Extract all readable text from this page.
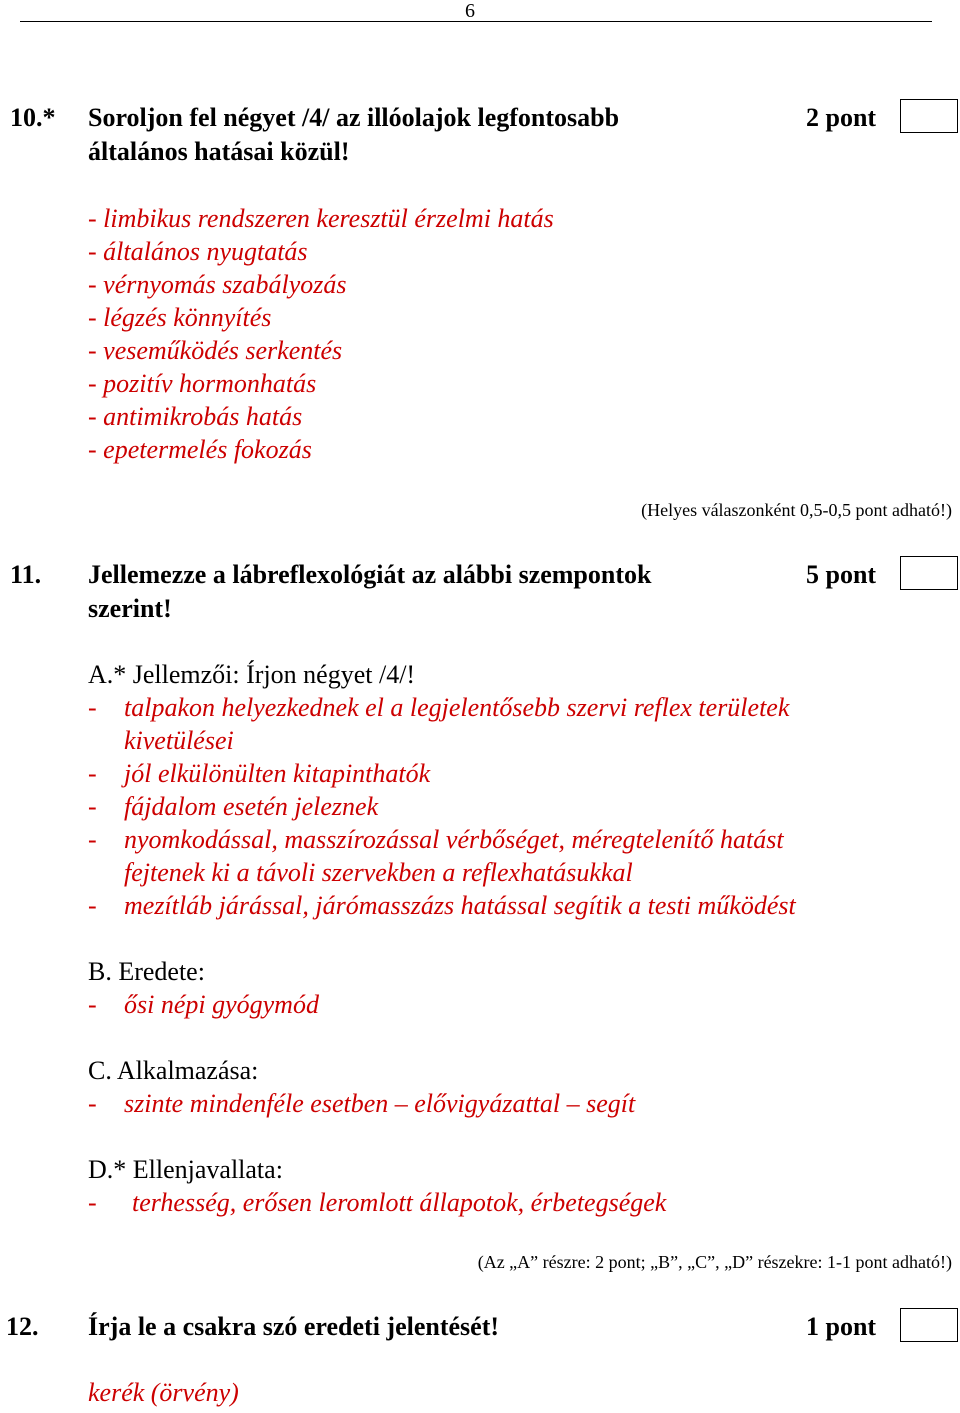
6
10.* Soroljon fel négyet /4/ az illóolajok legfontosabb
általános hatásai közül!
2 pont
- limbikus rendszeren keresztül érzelmi hatás
- általános nyugtatás
- vérnyomás szabályozás
- légzés könnyítés
- veseműködés serkentés
- pozitív hormonhatás
- antimikrobás hatás
- epetermelés fokozás
(Helyes válaszonként 0,5-0,5 pont adható!)
11. Jellemezze a lábreflexológiát az alábbi szempontok
szerint!
5 pont
A.* Jellemzői: Írjon négyet /4/!
- talpakon helyezkednek el a legjelentősebb szervi reflex területek
kivetülései
- jól elkülönülten kitapinthatók
- fájdalom esetén jeleznek
- nyomkodással, masszírozással vérbőséget, méregtelenítő hatást
fejtenek ki a távoli szervekben a reflexhatásukkal
- mezítláb járással, járómasszázs hatással segítik a testi működést
B. Eredete:
- ősi népi gyógymód
C. Alkalmazása:
- szinte mindenféle esetben – elővigyázattal – segít
D.* Ellenjavallata:
- terhesség, erősen leromlott állapotok, érbetegségek
(Az „A” részre: 2 pont; „B”, „C”, „D” részekre: 1-1 pont adható!)
12. Írja le a csakra szó eredeti jelentését!	1 pont
kerék (örvény)
